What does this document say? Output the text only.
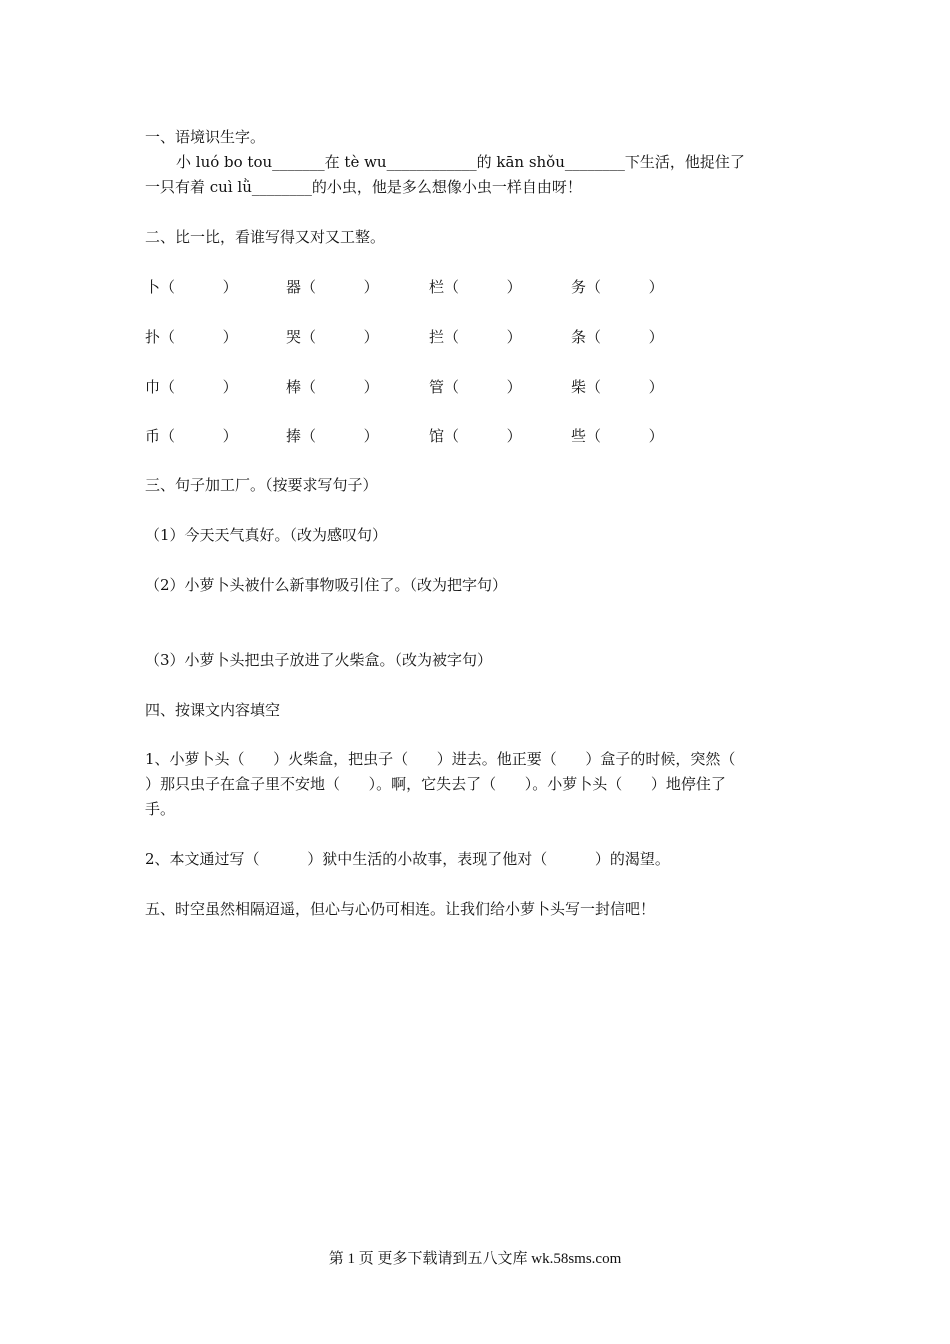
一、语境识生字。
小 luó bo tou_______在 tè wu____________的 kān shǒu________下生活，他捉住了
一只有着 cuì lǜ________的小虫，他是多么想像小虫一样自由呀！
二、比一比，看谁写得又对又工整。
卜（          ）	器（          ）	栏（          ）	务（          ）
扑（          ）	哭（          ）	拦（          ）	条（          ）
巾（          ）	棒（          ）	管（          ）	柴（          ）
币（          ）	捧（          ）	馆（          ）	些（          ）
三、句子加工厂。（按要求写句子）
（1）今天天气真好。（改为感叹句）
（2）小萝卜头被什么新事物吸引住了。（改为把字句）
（3）小萝卜头把虫子放进了火柴盒。（改为被字句）
四、按课文内容填空
1、小萝卜头（      ）火柴盒，把虫子（      ）进去。他正要（      ）盒子的时候，突然（
）那只虫子在盒子里不安地（      ）。啊，它失去了（      ）。小萝卜头（      ）地停住了
手。
2、本文通过写（          ）狱中生活的小故事，表现了他对（          ）的渴望。
五、时空虽然相隔迢遥，但心与心仍可相连。让我们给小萝卜头写一封信吧！
第 1 页 更多下载请到五八文库 wk.58sms.com
